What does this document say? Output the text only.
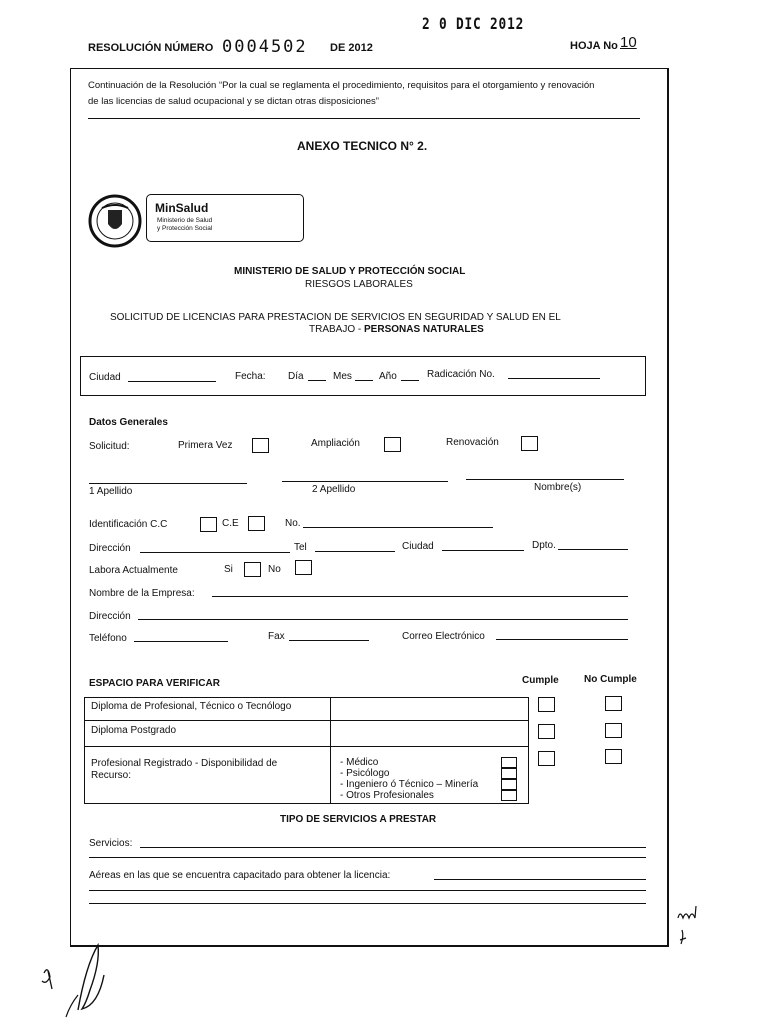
RESOLUCIÓN NÚMERO 0004502 DE 2012
2 0 DIC 2012
HOJA No 10
Continuación de la Resolución “Por la cual se reglamenta el procedimiento, requisitos para el otorgamiento y renovación
de las licencias de salud ocupacional y se dictan otras disposiciones”
ANEXO TECNICO N° 2.
MinSalud
Ministerio de Salud
y Protección Social
MINISTERIO DE SALUD Y PROTECCIÓN SOCIAL
RIESGOS LABORALES
SOLICITUD DE LICENCIAS PARA PRESTACION DE SERVICIOS EN SEGURIDAD Y SALUD EN EL
TRABAJO - PERSONAS NATURALES
Ciudad	Fecha: Día	Mes	Año	Radicación No.
Datos Generales
Solicitud:	Primera Vez	Ampliación	Renovación
1 Apellido	2 Apellido	Nombre(s)
Identificación C.C	C.E	No.
Dirección	Tel	Ciudad	Dpto.
Labora Actualmente	Si	No
Nombre de la Empresa:
Dirección
Teléfono	Fax	Correo Electrónico
ESPACIO PARA VERIFICAR	Cumple	No Cumple
Diploma de Profesional, Técnico o Tecnólogo
Diploma Postgrado
Profesional Registrado - Disponibilidad de Recurso:
- Médico
- Psicólogo
- Ingeniero ó Técnico – Minería
- Otros Profesionales
TIPO DE SERVICIOS A PRESTAR
Servicios:
Aéreas en las que se encuentra capacitado para obtener la licencia:
